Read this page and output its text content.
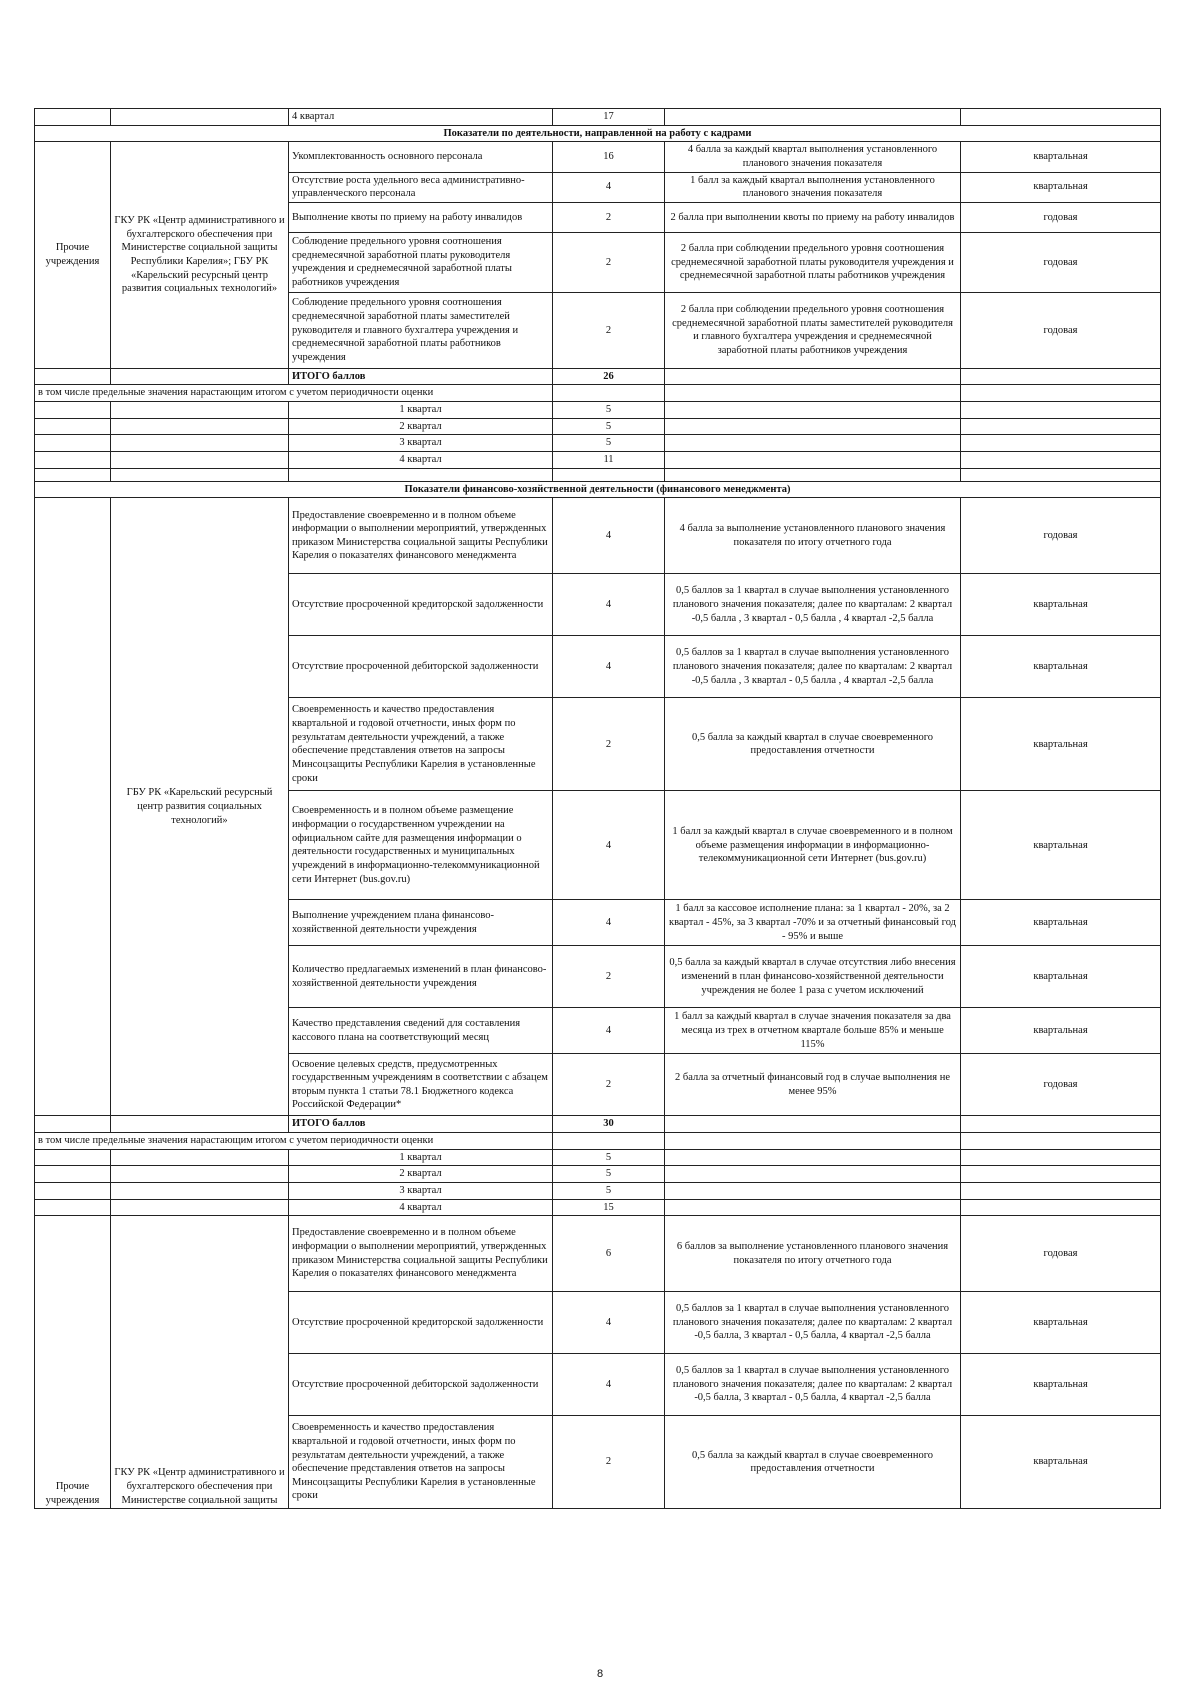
		4 квартал	17		
Показатели по деятельности, направленной на работу с кадрами					
Прочие учреждения	ГКУ РК «Центр административного и бухгалтерского обеспечения при Министерстве социальной защиты Республики Карелия»; ГБУ РК «Карельский ресурсный центр развития социальных технологий»	Укомплектованность основного персонала	16	4 балла за каждый квартал выполнения установленного планового значения показателя	квартальная
		Отсутствие роста удельного веса административно-управленческого персонала	4	1 балл за каждый квартал выполнения установленного планового значения показателя	квартальная
		Выполнение квоты по приему на работу инвалидов	2	2 балла при выполнении квоты по приему на работу инвалидов	годовая
		Соблюдение предельного уровня соотношения среднемесячной заработной платы руководителя учреждения и среднемесячной заработной платы работников учреждения	2	2 балла при соблюдении предельного уровня соотношения среднемесячной заработной платы руководителя учреждения и среднемесячной заработной платы работников учреждения	годовая
		Соблюдение предельного уровня соотношения среднемесячной заработной платы заместителей руководителя и главного бухгалтера учреждения и среднемесячной заработной платы работников учреждения	2	2 балла при соблюдении предельного уровня соотношения среднемесячной заработной платы заместителей руководителя и главного бухгалтера учреждения и среднемесячной заработной платы работников учреждения	годовая
		ИТОГО баллов	26		
в том числе предельные значения нарастающим итогом с учетом периодичности оценки					
		1 квартал	5		
		2 квартал	5		
		3 квартал	5		
		4 квартал	11		

Показатели финансово-хозяйственной деятельности (финансового менеджмента)					
	ГБУ РК «Карельский ресурсный центр развития социальных технологий»	Предоставление своевременно и в полном объеме информации о выполнении мероприятий, утвержденных приказом Министерства социальной защиты Республики Карелия о показателях финансового менеджмента	4	4 балла за выполнение установленного планового значения показателя по итогу отчетного года	годовая
		Отсутствие просроченной кредиторской задолженности	4	0,5 баллов за 1 квартал в случае выполнения установленного планового значения показателя; далее по кварталам: 2 квартал -0,5 балла , 3 квартал - 0,5 балла , 4 квартал -2,5 балла	квартальная
		Отсутствие просроченной дебиторской задолженности	4	0,5 баллов за 1 квартал в случае выполнения установленного планового значения показателя; далее по кварталам: 2 квартал -0,5 балла , 3 квартал - 0,5 балла , 4 квартал -2,5 балла	квартальная
		Своевременность и качество предоставления квартальной и годовой отчетности, иных форм по результатам деятельности учреждений, а также обеспечение представления ответов на запросы Минсоцзащиты Республики Карелия в установленные сроки	2	0,5 балла за каждый квартал в случае своевременного предоставления отчетности	квартальная
		Своевременность и в полном объеме размещение информации о государственном учреждении на официальном сайте для размещения информации о деятельности государственных и муниципальных учреждений в информационно-телекоммуникационной сети Интернет (bus.gov.ru)	4	1 балл за каждый квартал в случае своевременного и в полном объеме размещения информации в информационно-телекоммуникационной сети Интернет (bus.gov.ru)	квартальная
		Выполнение учреждением плана финансово-хозяйственной деятельности учреждения	4	1 балл за кассовое исполнение плана: за 1 квартал - 20%, за 2 квартал - 45%, за 3 квартал -70% и за отчетный финансовый год - 95% и выше	квартальная
		Количество предлагаемых изменений в план финансово-хозяйственной деятельности учреждения	2	0,5 балла за каждый квартал в случае отсутствия либо внесения изменений в план финансово-хозяйственной деятельности учреждения не более 1 раза с учетом исключений	квартальная
		Качество представления сведений для составления кассового плана на соответствующий месяц	4	1 балл за каждый квартал в случае значения показателя за два месяца из трех в отчетном квартале больше 85% и меньше 115%	квартальная
		Освоение целевых средств, предусмотренных государственным учреждениям в соответствии с абзацем вторым пункта 1 статьи 78.1 Бюджетного кодекса Российской Федерации*	2	2 балла за отчетный финансовый год в случае выполнения не менее 95%	годовая
		ИТОГО баллов	30		
в том числе предельные значения нарастающим итогом с учетом периодичности оценки					
		1 квартал	5		
		2 квартал	5		
		3 квартал	5		
		4 квартал	15		
Прочие учреждения	ГКУ РК «Центр административного и бухгалтерского обеспечения при Министерстве социальной защиты	Предоставление своевременно и в полном объеме информации о выполнении мероприятий, утвержденных приказом Министерства социальной защиты Республики Карелия о показателях финансового менеджмента	6	6 баллов за выполнение установленного планового значения показателя по итогу отчетного года	годовая
		Отсутствие просроченной кредиторской задолженности	4	0,5 баллов за 1 квартал в случае выполнения установленного планового значения показателя; далее по кварталам: 2 квартал -0,5 балла, 3 квартал - 0,5 балла, 4 квартал -2,5 балла	квартальная
		Отсутствие просроченной дебиторской задолженности	4	0,5 баллов за 1 квартал в случае выполнения установленного планового значения показателя; далее по кварталам: 2 квартал -0,5 балла, 3 квартал - 0,5 балла, 4 квартал -2,5 балла	квартальная
		Своевременность и качество предоставления квартальной и годовой отчетности, иных форм по результатам деятельности учреждений, а также обеспечение представления ответов на запросы Минсоцзащиты Республики Карелия в установленные сроки	2	0,5 балла за каждый квартал в случае своевременного предоставления отчетности	квартальная
8
